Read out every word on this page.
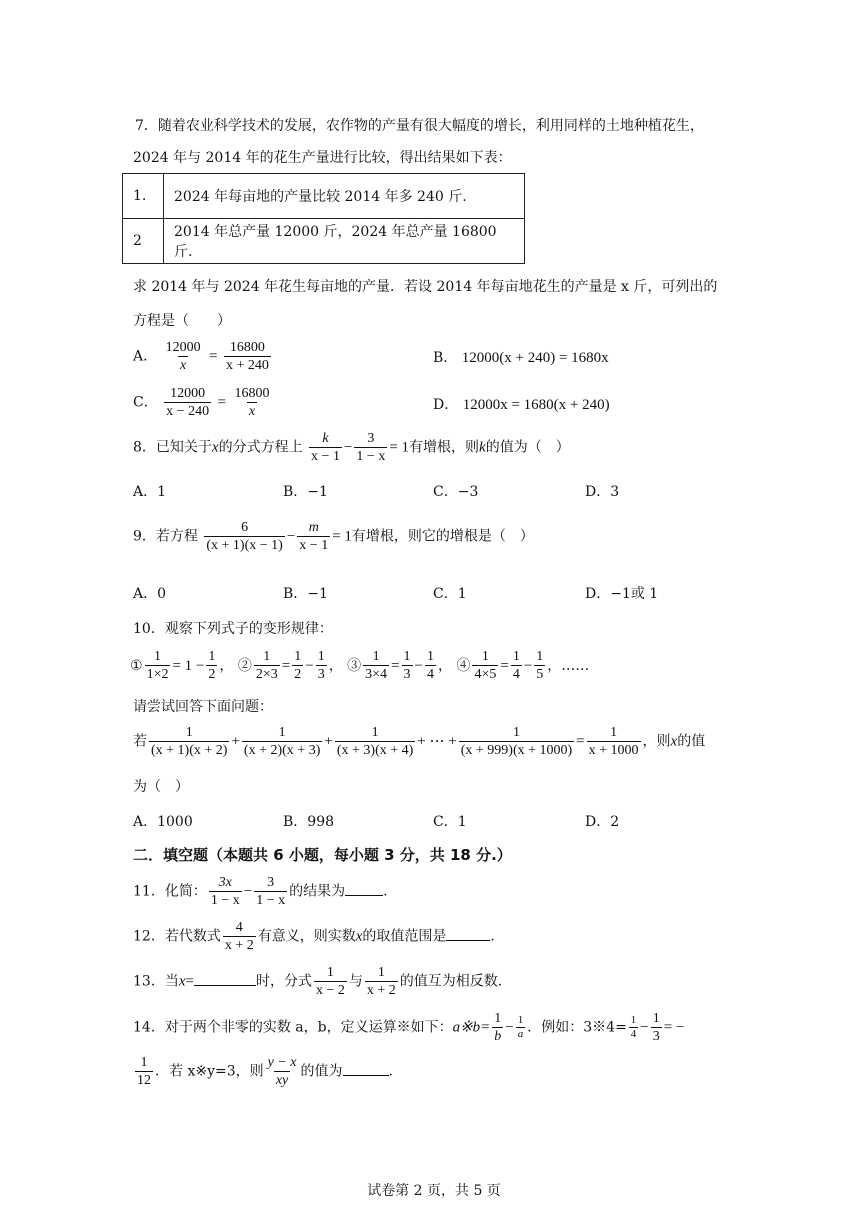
7．随着农业科学技术的发展，农作物的产量有很大幅度的增长，利用同样的土地种植花生，
2024 年与 2014 年的花生产量进行比较，得出结果如下表：
1.	2024 年每亩地的产量比较 2014 年多 240 斤.
2	2014 年总产量 12000 斤，2024 年总产量 16800 斤.
求 2014 年与 2024 年花生每亩地的产量．若设 2014 年每亩地花生的产量是 x 斤，可列出的
方程是（　　）
A． $\frac{12000}{x} = \frac{16800}{x + 240}$	B． 12000(x + 240) = 1680x
C． $\frac{12000}{x - 240} = \frac{16800}{x}$	D． 12000x = 1680(x + 240)
8．已知关于x的分式方程上 $\frac{k}{x - 1} - \frac{3}{1 - x} = 1$有增根，则k的值为（　）
A．1	B．−1	C．−3	D．3
9．若方程 $\frac{6}{(x + 1)(x - 1)} - \frac{m}{x - 1} = 1$有增根，则它的增根是（　）
A．0	B．−1	C．1	D．−1或 1
10．观察下列式子的变形规律：
① $\frac{1}{1\times 2} = 1 - \frac{1}{2}$ ， ② $\frac{1}{2\times 3} = \frac{1}{2} - \frac{1}{3}$ ， ③ $\frac{1}{3\times 4} = \frac{1}{3} - \frac{1}{4}$ ， ④ $\frac{1}{4\times 5} = \frac{1}{4} - \frac{1}{5}$ ，……
请尝试回答下面问题：
若 $\frac{1}{(x + 1)(x + 2)} + \frac{1}{(x + 2)(x + 3)} + \frac{1}{(x + 3)(x + 4)}$ + ⋯ + $\frac{1}{(x + 999)(x + 1000)} = \frac{1}{x + 1000}$ ，则x的值
为（　）
A．1000	B．998	C．1	D．2
二．填空题（本题共 6 小题，每小题 3 分，共 18 分.）
11．化简： $\frac{3x}{1 - x} - \frac{3}{1 - x}$ 的结果为	.
12．若代数式 $\frac{4}{x + 2}$ 有意义，则实数x的取值范围是	.
13．当x=	时，分式 $\frac{1}{x - 2}$ 与 $\frac{1}{x + 2}$ 的值互为相反数.
14．对于两个非零的实数 a，b，定义运算※如下：a※b= $\frac{1}{b} - \frac{1}{a}$ ．例如：3※4= $\frac{1}{4} - \frac{1}{3}$ = −
$\frac{1}{12}$ ．若 x※y=3，则 $\frac{y - x}{xy}$ 的值为	.
试卷第 2 页，共 5 页
